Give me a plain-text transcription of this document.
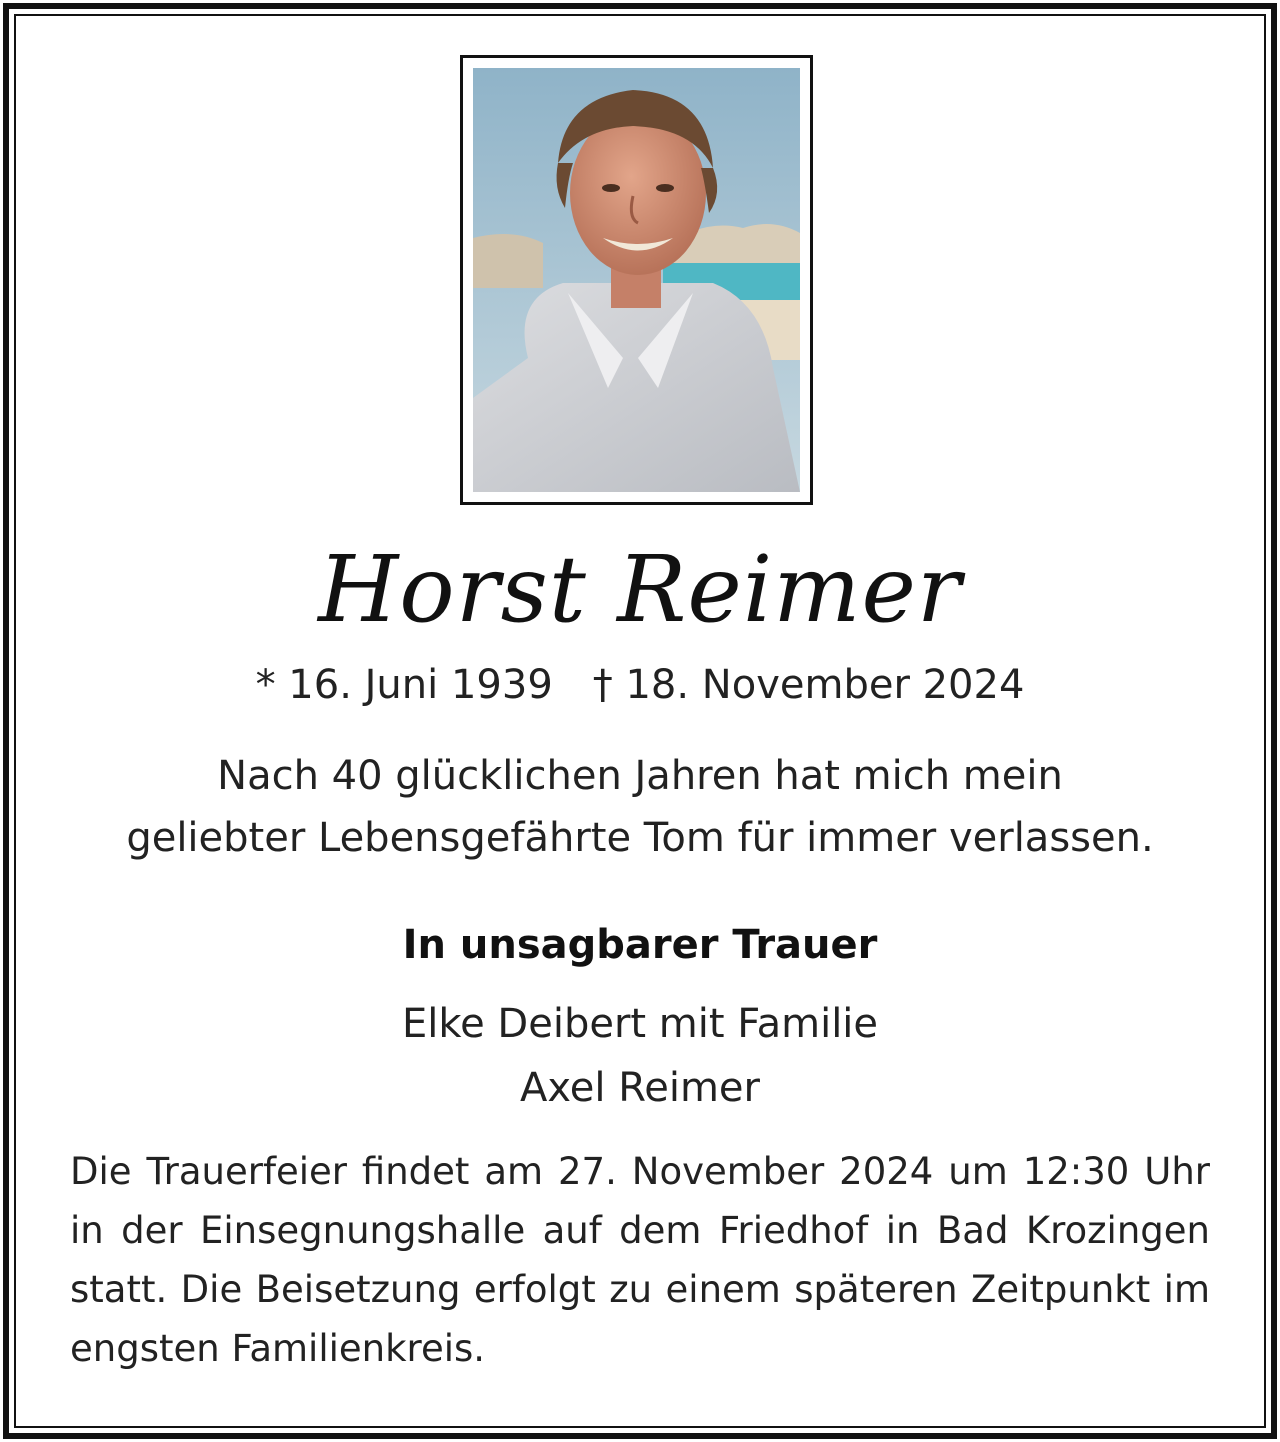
Horst Reimer
* 16. Juni 1939 † 18. November 2024
Nach 40 glücklichen Jahren hat mich mein
geliebter Lebensgefährte Tom für immer verlassen.
In unsagbarer Trauer
Elke Deibert mit Familie
Axel Reimer
Die Trauerfeier findet am 27. November 2024 um 12:30 Uhr in der Einsegnungshalle auf dem Friedhof in Bad Krozingen statt. Die Beisetzung erfolgt zu einem späteren Zeitpunkt im engsten Familienkreis.
